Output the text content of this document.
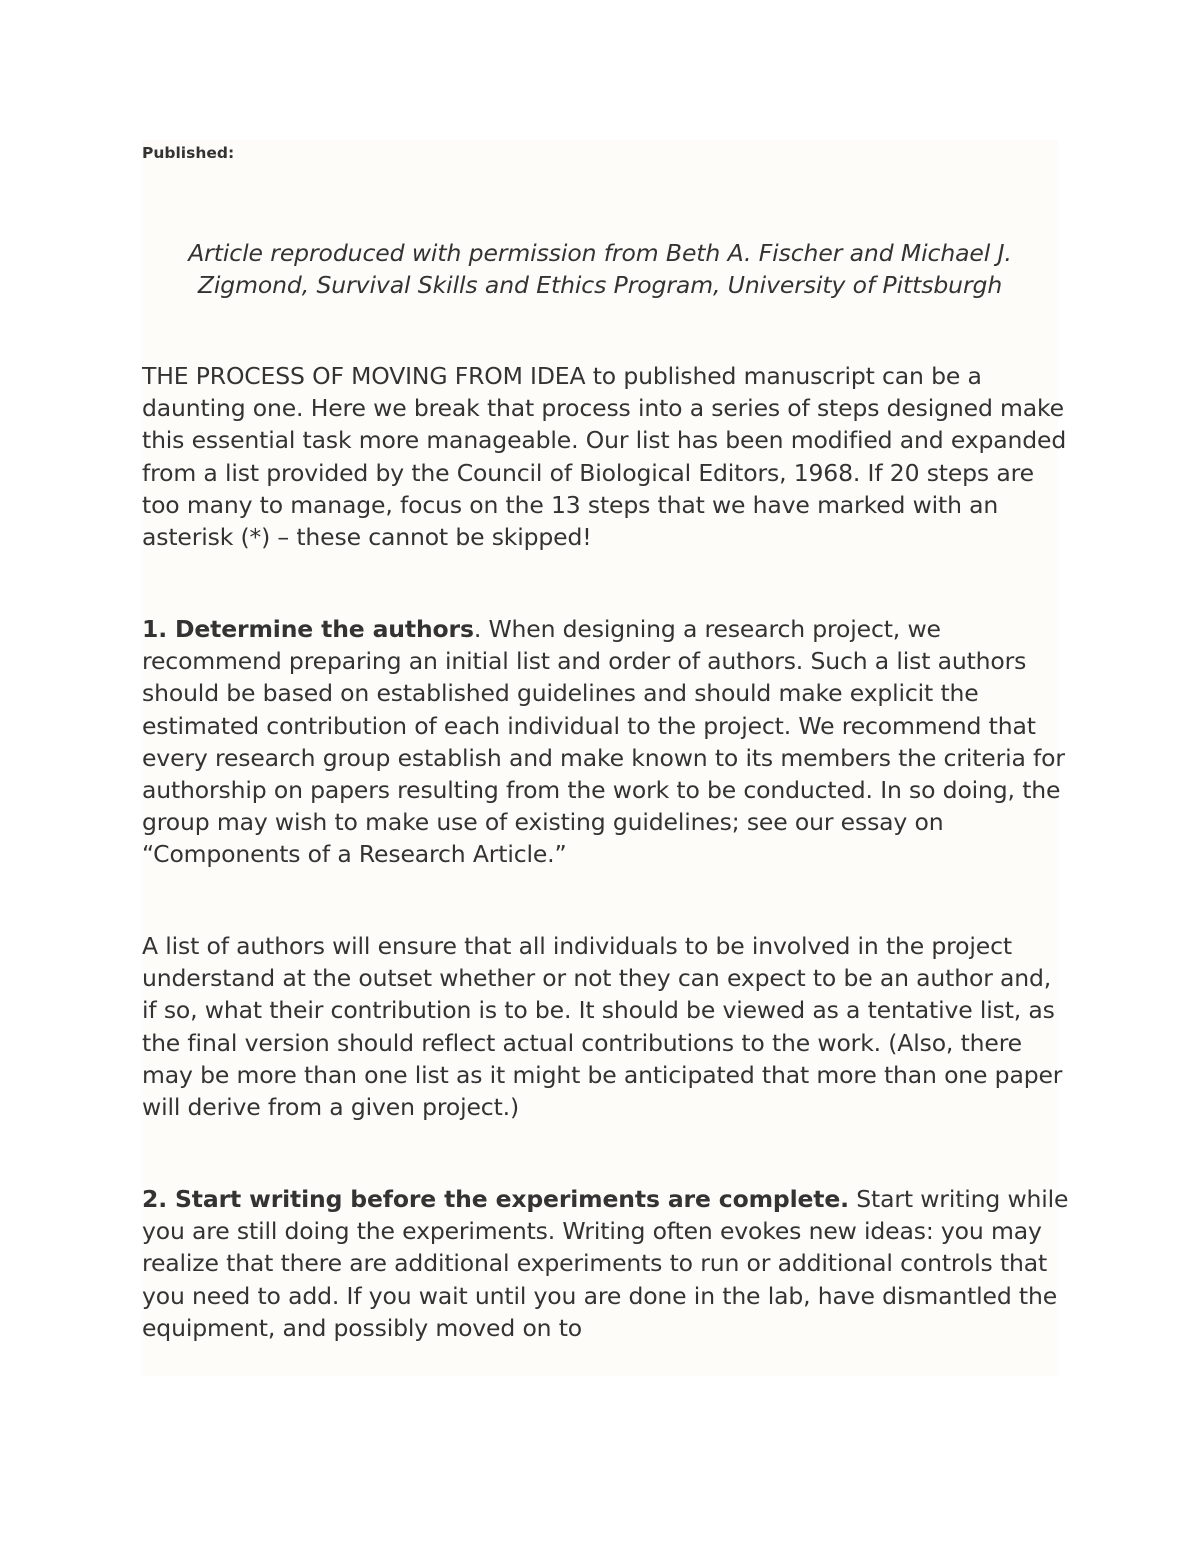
Published:

Article reproduced with permission from Beth A. Fischer and Michael J. Zigmond, Survival Skills and Ethics Program, University of Pittsburgh

THE PROCESS OF MOVING FROM IDEA to published manuscript can be a daunting one. Here we break that process into a series of steps designed make this essential task more manageable. Our list has been modified and expanded from a list provided by the Council of Biological Editors, 1968. If 20 steps are too many to manage, focus on the 13 steps that we have marked with an asterisk (*) – these cannot be skipped!

1. Determine the authors. When designing a research project, we recommend preparing an initial list and order of authors. Such a list authors should be based on established guidelines and should make explicit the estimated contribution of each individual to the project. We recommend that every research group establish and make known to its members the criteria for authorship on papers resulting from the work to be conducted. In so doing, the group may wish to make use of existing guidelines; see our essay on “Components of a Research Article.”

A list of authors will ensure that all individuals to be involved in the project understand at the outset whether or not they can expect to be an author and, if so, what their contribution is to be. It should be viewed as a tentative list, as the final version should reflect actual contributions to the work. (Also, there may be more than one list as it might be anticipated that more than one paper will derive from a given project.)

2. Start writing before the experiments are complete. Start writing while you are still doing the experiments. Writing often evokes new ideas: you may
realize that there are additional experiments to run or additional controls that you need to add. If you wait until you are done in the lab, have dismantled the equipment, and possibly moved on to
